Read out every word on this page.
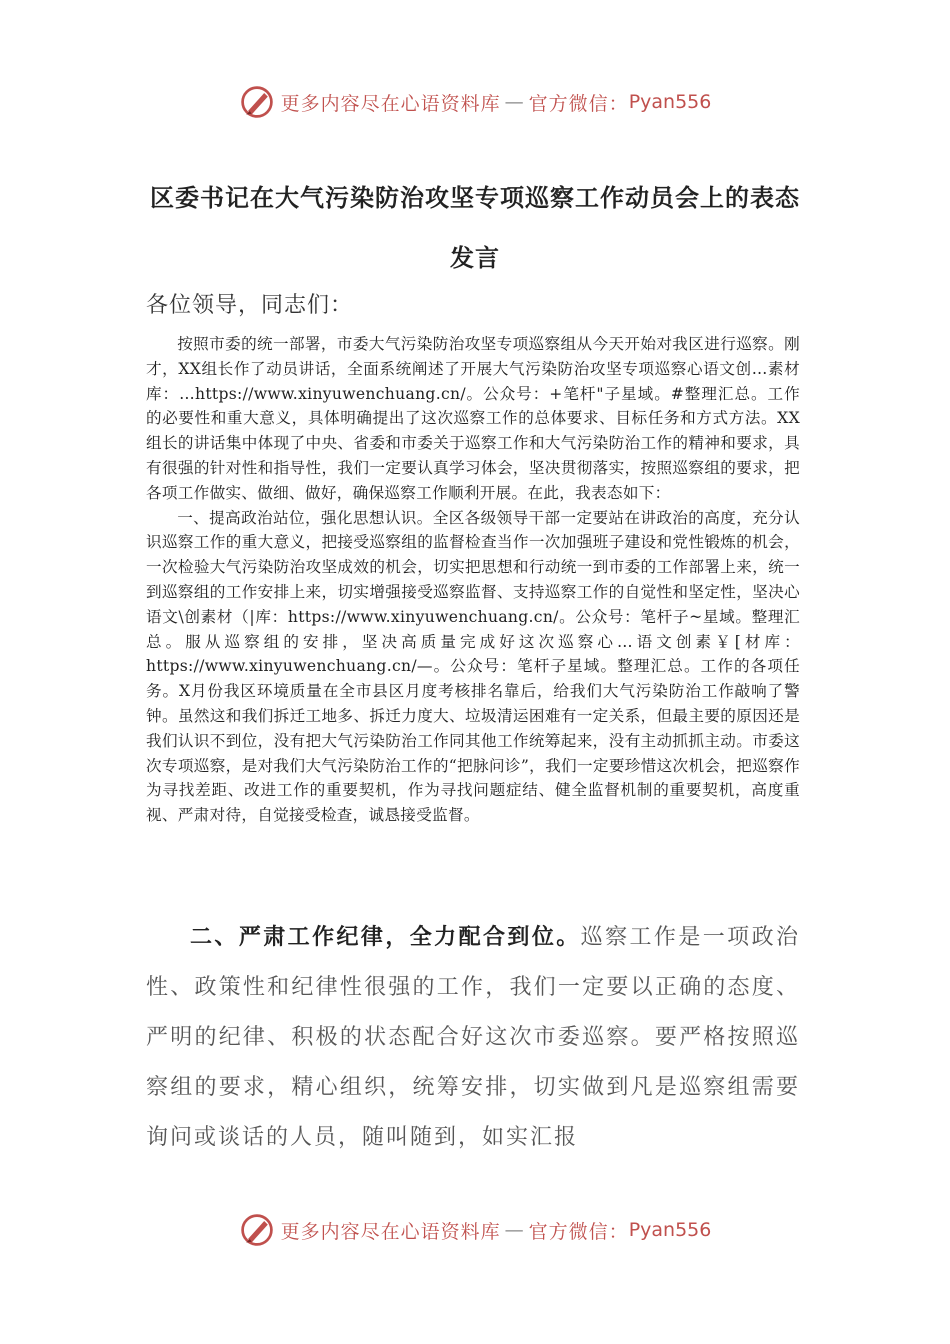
更多内容尽在心语资料库 — 官方微信： Pyan556
区委书记在大气污染防治攻坚专项巡察工作动员会上的表态发言
各位领导，同志们：

按照市委的统一部署，市委大气污染防治攻坚专项巡察组从今天开始对我区进行巡察。刚才，XX组长作了动员讲话，全面系统阐述了开展大气污染防治攻坚专项巡察心语文创…素材库：…https://www.xinyuwenchuang.cn/。公众号：+笔杆"子星域。#整理汇总。工作的必要性和重大意义，具体明确提出了这次巡察工作的总体要求、目标任务和方式方法。XX组长的讲话集中体现了中央、省委和市委关于巡察工作和大气污染防治工作的精神和要求，具有很强的针对性和指导性，我们一定要认真学习体会，坚决贯彻落实，按照巡察组的要求，把各项工作做实、做细、做好，确保巡察工作顺利开展。在此，我表态如下：

一、提高政治站位，强化思想认识。全区各级领导干部一定要站在讲政治的高度，充分认识巡察工作的重大意义，把接受巡察组的监督检查当作一次加强班子建设和党性锻炼的机会，一次检验大气污染防治攻坚成效的机会，切实把思想和行动统一到市委的工作部署上来，统一到巡察组的工作安排上来，切实增强接受巡察监督、支持巡察工作的自觉性和坚定性，坚决心语文\创素材（|库：https://www.xinyuwenchuang.cn/。公众号：笔杆子~星域。整理汇总。服从巡察组的安排，坚决高质量完成好这次巡察心…语文创素￥[材库：https://www.xinyuwenchuang.cn/—。公众号：笔杆子星域。整理汇总。工作的各项任务。X月份我区环境质量在全市县区月度考核排名靠后，给我们大气污染防治工作敲响了警钟。虽然这和我们拆迁工地多、拆迁力度大、垃圾清运困难有一定关系，但最主要的原因还是我们认识不到位，没有把大气污染防治工作同其他工作统筹起来，没有主动抓抓主动。市委这次专项巡察，是对我们大气污染防治工作的“把脉问诊”，我们一定要珍惜这次机会，把巡察作为寻找差距、改进工作的重要契机，作为寻找问题症结、健全监督机制的重要契机，高度重视、严肃对待，自觉接受检查，诚恳接受监督。

二、严肃工作纪律，全力配合到位。巡察工作是一项政治性、政策性和纪律性很强的工作，我们一定要以正确的态度、严明的纪律、积极的状态配合好这次市委巡察。要严格按照巡察组的要求，精心组织，统筹安排，切实做到凡是巡察组需要询问或谈话的人员，随叫随到，如实汇报

更多内容尽在心语资料库 — 官方微信： Pyan556
